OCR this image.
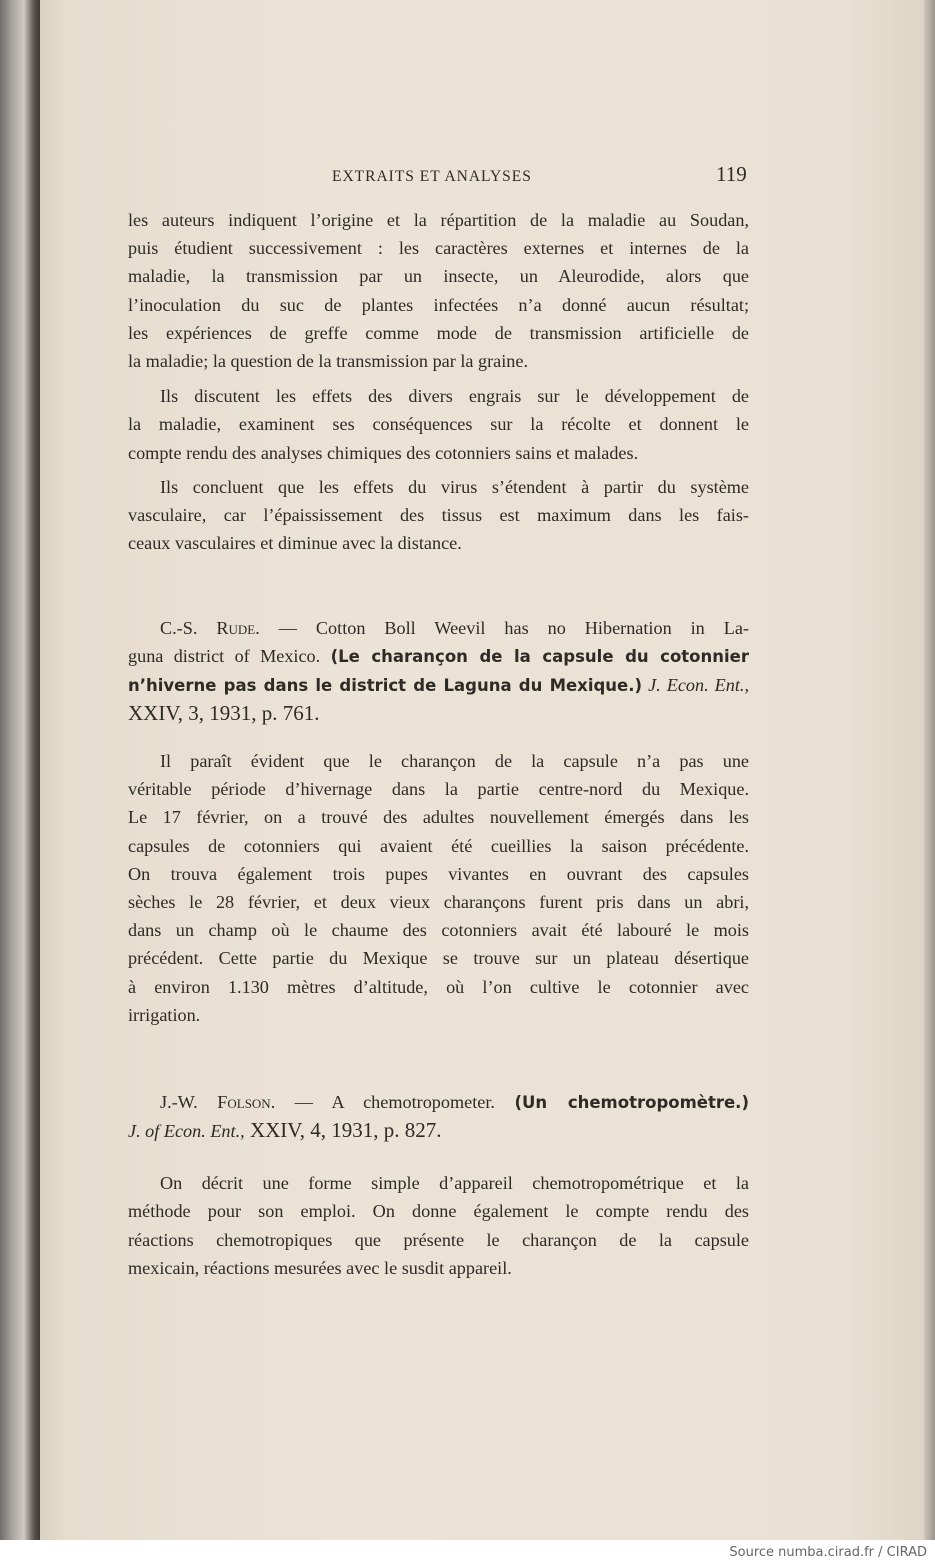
EXTRAITS ET ANALYSES	119
les auteurs indiquent l’origine et la répartition de la maladie au Soudan,
puis étudient successivement : les caractères externes et internes de la
maladie, la transmission par un insecte, un Aleurodide, alors que
l’inoculation du suc de plantes infectées n’a donné aucun résultat;
les expériences de greffe comme mode de transmission artificielle de
la maladie; la question de la transmission par la graine.
Ils discutent les effets des divers engrais sur le développement de
la maladie, examinent ses conséquences sur la récolte et donnent le
compte rendu des analyses chimiques des cotonniers sains et malades.
Ils concluent que les effets du virus s’étendent à partir du système
vasculaire, car l’épaississement des tissus est maximum dans les fais-
ceaux vasculaires et diminue avec la distance.
C.-S. Rude. — Cotton Boll Weevil has no Hibernation in La-
guna district of Mexico. (Le charançon de la capsule du cotonnier
n’hiverne pas dans le district de Laguna du Mexique.) J. Econ. Ent.,
XXIV, 3, 1931, p. 761.
Il paraît évident que le charançon de la capsule n’a pas une
véritable période d’hivernage dans la partie centre-nord du Mexique.
Le 17 février, on a trouvé des adultes nouvellement émergés dans les
capsules de cotonniers qui avaient été cueillies la saison précédente.
On trouva également trois pupes vivantes en ouvrant des capsules
sèches le 28 février, et deux vieux charançons furent pris dans un abri,
dans un champ où le chaume des cotonniers avait été labouré le mois
précédent. Cette partie du Mexique se trouve sur un plateau désertique
à environ 1.130 mètres d’altitude, où l’on cultive le cotonnier avec
irrigation.
J.-W. Folson. — A chemotropometer. (Un chemotropomètre.)
J. of Econ. Ent., XXIV, 4, 1931, p. 827.
On décrit une forme simple d’appareil chemotropométrique et la
méthode pour son emploi. On donne également le compte rendu des
réactions chemotropiques que présente le charançon de la capsule
mexicain, réactions mesurées avec le susdit appareil.
Source numba.cirad.fr / CIRAD
